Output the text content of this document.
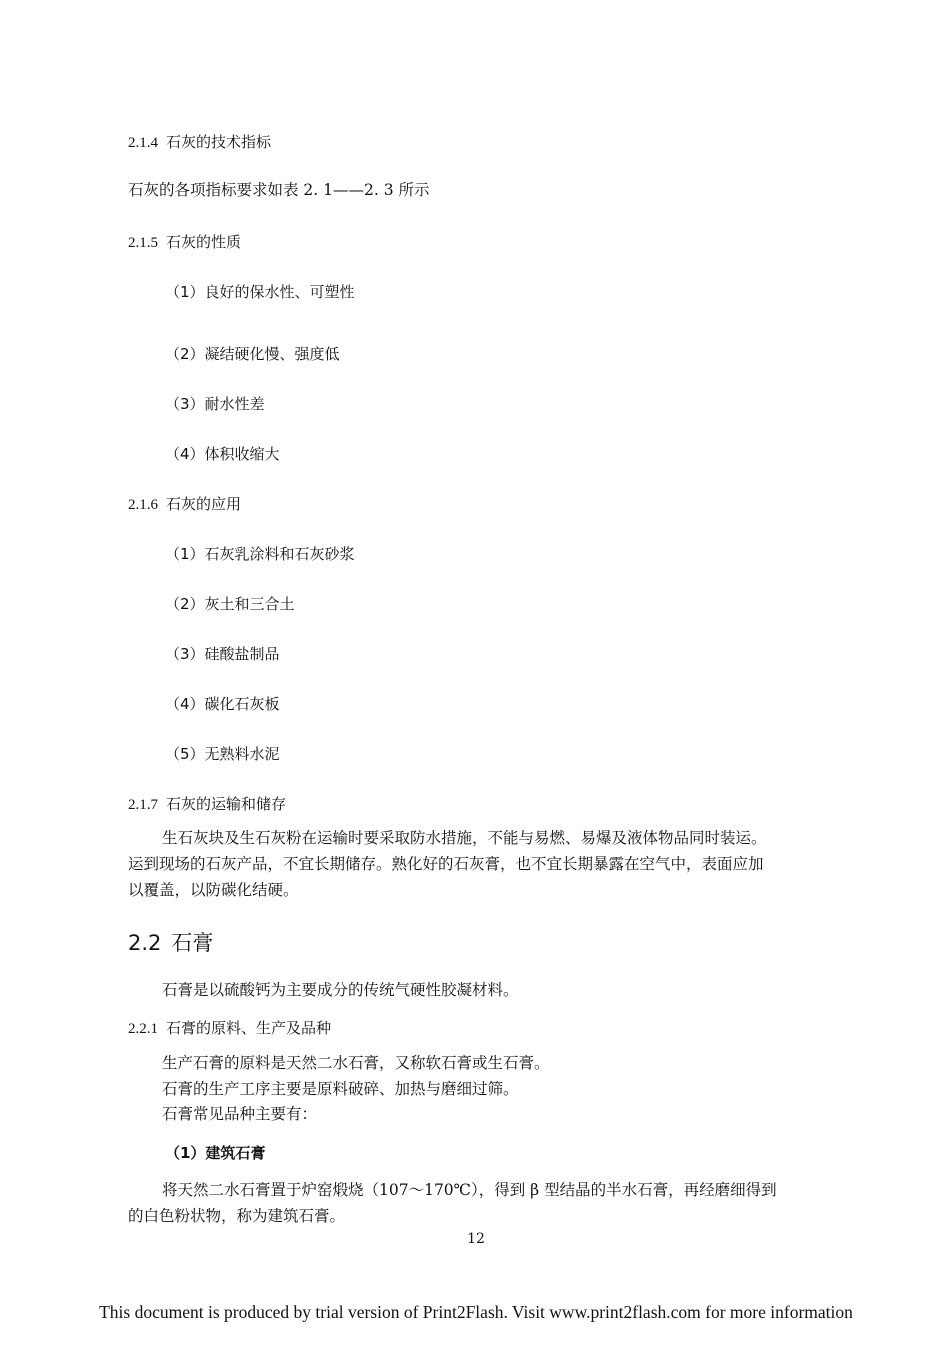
2.1.4 石灰的技术指标
石灰的各项指标要求如表 2. 1——2. 3 所示
2.1.5 石灰的性质
（1）良好的保水性、可塑性
（2）凝结硬化慢、强度低
（3）耐水性差
（4）体积收缩大
2.1.6 石灰的应用
（1）石灰乳涂料和石灰砂浆
（2）灰土和三合土
（3）硅酸盐制品
（4）碳化石灰板
（5）无熟料水泥
2.1.7 石灰的运输和储存
生石灰块及生石灰粉在运输时要采取防水措施，不能与易燃、易爆及液体物品同时装运。
运到现场的石灰产品，不宜长期储存。熟化好的石灰膏，也不宜长期暴露在空气中，表面应加
以覆盖，以防碳化结硬。
2.2 石膏
石膏是以硫酸钙为主要成分的传统气硬性胶凝材料。
2.2.1 石膏的原料、生产及品种
生产石膏的原料是天然二水石膏，又称软石膏或生石膏。
石膏的生产工序主要是原料破碎、加热与磨细过筛。
石膏常见品种主要有：
（1）建筑石膏
将天然二水石膏置于炉窑煅烧（107～170℃），得到 β 型结晶的半水石膏，再经磨细得到
的白色粉状物，称为建筑石膏。
12
This document is produced by trial version of Print2Flash. Visit www.print2flash.com for more information
